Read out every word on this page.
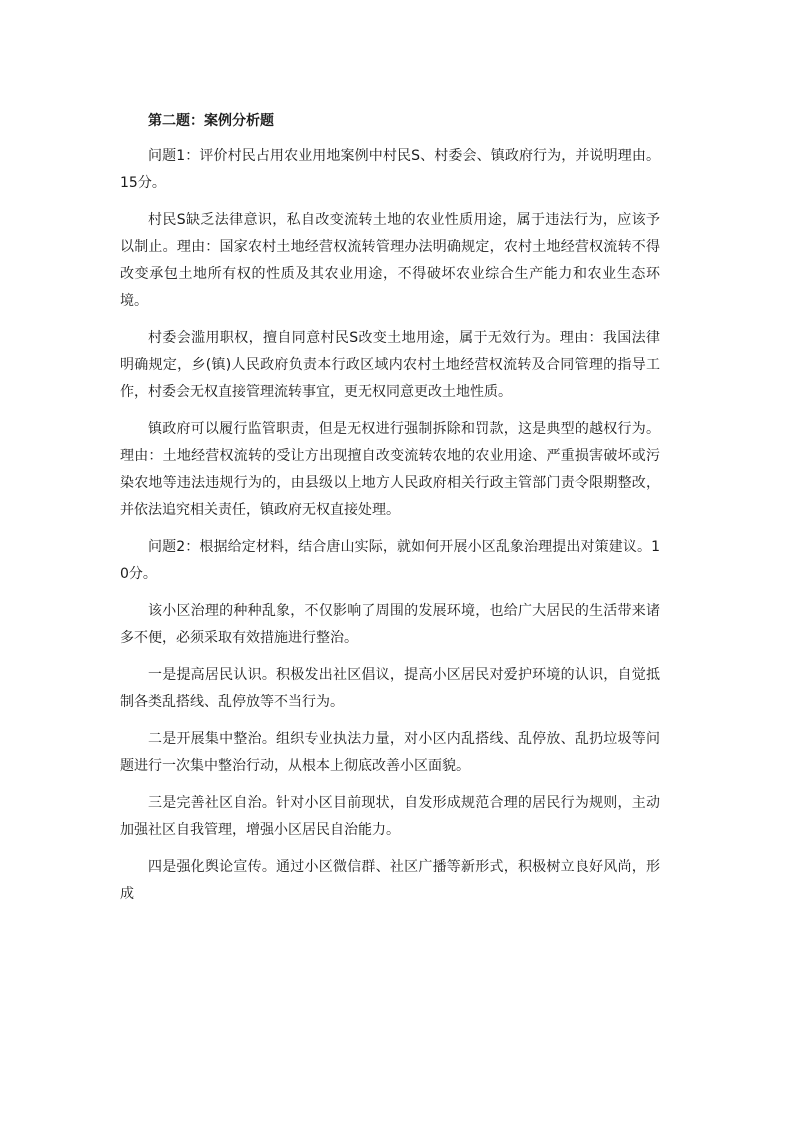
第二题：案例分析题

问题1：评价村民占用农业用地案例中村民S、村委会、镇政府行为，并说明理由。15分。

村民S缺乏法律意识，私自改变流转土地的农业性质用途，属于违法行为，应该予以制止。理由：国家农村土地经营权流转管理办法明确规定，农村土地经营权流转不得改变承包土地所有权的性质及其农业用途，不得破坏农业综合生产能力和农业生态环境。

村委会滥用职权，擅自同意村民S改变土地用途，属于无效行为。理由：我国法律明确规定，乡(镇)人民政府负责本行政区域内农村土地经营权流转及合同管理的指导工作，村委会无权直接管理流转事宜，更无权同意更改土地性质。

镇政府可以履行监管职责，但是无权进行强制拆除和罚款，这是典型的越权行为。理由：土地经营权流转的受让方出现擅自改变流转农地的农业用途、严重损害破坏或污染农地等违法违规行为的，由县级以上地方人民政府相关行政主管部门责令限期整改，并依法追究相关责任，镇政府无权直接处理。

问题2：根据给定材料，结合唐山实际，就如何开展小区乱象治理提出对策建议。10分。

该小区治理的种种乱象，不仅影响了周围的发展环境，也给广大居民的生活带来诸多不便，必须采取有效措施进行整治。

一是提高居民认识。积极发出社区倡议，提高小区居民对爱护环境的认识，自觉抵制各类乱搭线、乱停放等不当行为。

二是开展集中整治。组织专业执法力量，对小区内乱搭线、乱停放、乱扔垃圾等问题进行一次集中整治行动，从根本上彻底改善小区面貌。

三是完善社区自治。针对小区目前现状，自发形成规范合理的居民行为规则，主动加强社区自我管理，增强小区居民自治能力。

四是强化舆论宣传。通过小区微信群、社区广播等新形式，积极树立良好风尚，形成
